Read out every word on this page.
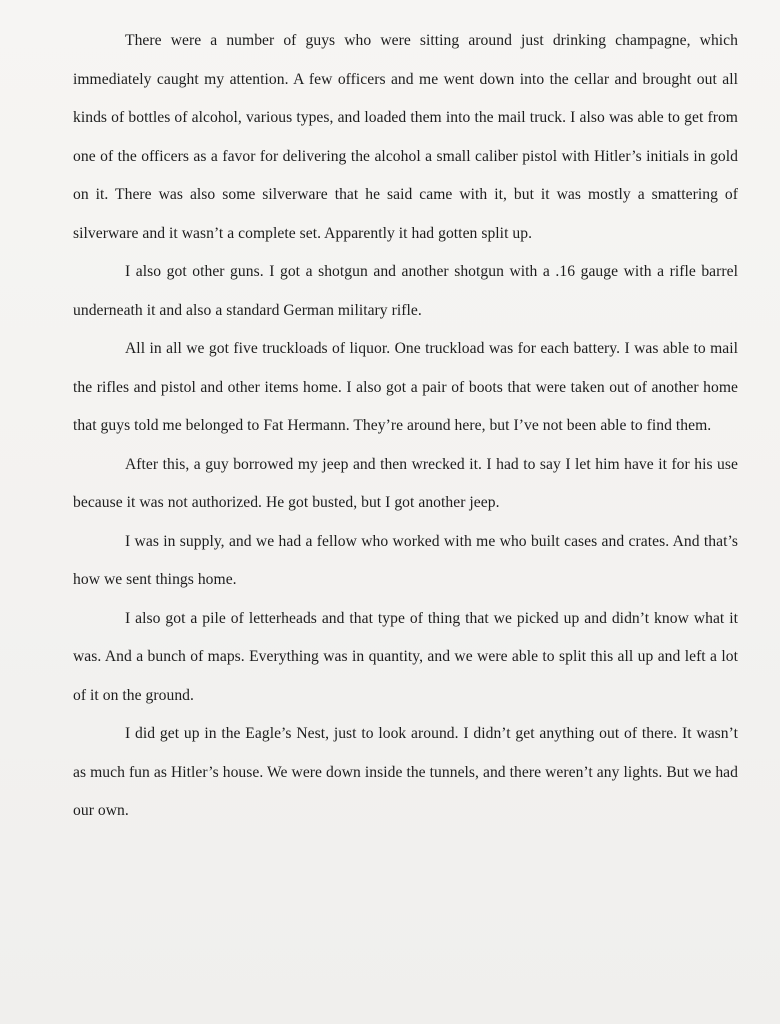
There were a number of guys who were sitting around just drinking champagne, which immediately caught my attention. A few officers and me went down into the cellar and brought out all kinds of bottles of alcohol, various types, and loaded them into the mail truck. I also was able to get from one of the officers as a favor for delivering the alcohol a small caliber pistol with Hitler’s initials in gold on it. There was also some silverware that he said came with it, but it was mostly a smattering of silverware and it wasn’t a complete set. Apparently it had gotten split up.

I also got other guns. I got a shotgun and another shotgun with a .16 gauge with a rifle barrel underneath it and also a standard German military rifle.

All in all we got five truckloads of liquor. One truckload was for each battery. I was able to mail the rifles and pistol and other items home. I also got a pair of boots that were taken out of another home that guys told me belonged to Fat Hermann. They’re around here, but I’ve not been able to find them.

After this, a guy borrowed my jeep and then wrecked it. I had to say I let him have it for his use because it was not authorized. He got busted, but I got another jeep.

I was in supply, and we had a fellow who worked with me who built cases and crates. And that’s how we sent things home.

I also got a pile of letterheads and that type of thing that we picked up and didn’t know what it was. And a bunch of maps. Everything was in quantity, and we were able to split this all up and left a lot of it on the ground.

I did get up in the Eagle’s Nest, just to look around. I didn’t get anything out of there. It wasn’t as much fun as Hitler’s house. We were down inside the tunnels, and there weren’t any lights. But we had our own.
